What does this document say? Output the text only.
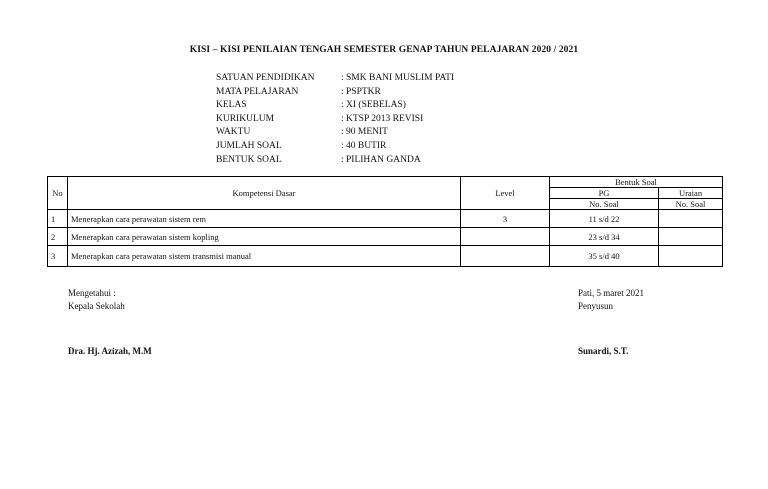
KISI – KISI PENILAIAN TENGAH SEMESTER GENAP TAHUN PELAJARAN 2020 / 2021
SATUAN PENDIDIKAN	: SMK BANI MUSLIM PATI
MATA PELAJARAN	: PSPTKR
KELAS	: XI (SEBELAS)
KURIKULUM	: KTSP 2013 REVISI
WAKTU	: 90 MENIT
JUMLAH SOAL	: 40 BUTIR
BENTUK SOAL	: PILIHAN GANDA
No	Kompetensi Dasar	Level	Bentuk Soal	
			PG	Uraian
			No. Soal	No. Soal
1	Menerapkan cara perawatan sistem rem	3	11 s/d 22	
2	Menerapkan cara perawatan sistem kopling		23 s/d 34	
3	Menerapkan cara perawatan sistem transmisi manual		35 s/d 40	
Mengetahui :
Kepala Sekolah
Dra. Hj. Azizah, M.M
Pati, 5 maret 2021
Penyusun
Sunardi, S.T.
